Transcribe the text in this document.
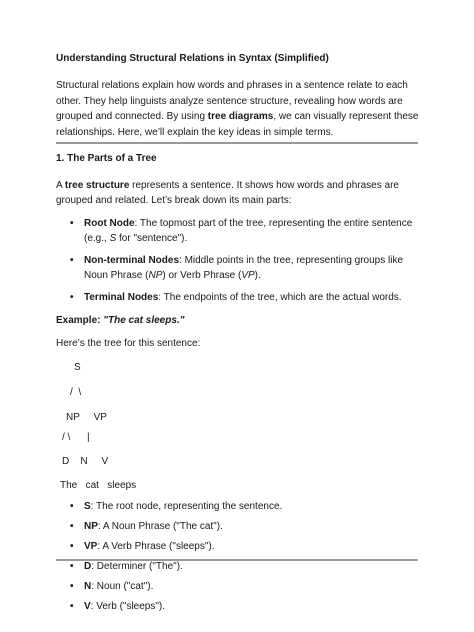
Understanding Structural Relations in Syntax (Simplified)

Structural relations explain how words and phrases in a sentence relate to each other. They help linguists analyze sentence structure, revealing how words are grouped and connected. By using tree diagrams, we can visually represent these relationships. Here, we’ll explain the key ideas in simple terms.

1. The Parts of a Tree

A tree structure represents a sentence. It shows how words and phrases are grouped and related. Let’s break down its main parts:

• Root Node: The topmost part of the tree, representing the entire sentence (e.g., S for "sentence").
• Non-terminal Nodes: Middle points in the tree, representing groups like Noun Phrase (NP) or Verb Phrase (VP).
• Terminal Nodes: The endpoints of the tree, which are the actual words.

Example: "The cat sleeps."

Here’s the tree for this sentence:

S
/  \
NP     VP
/ \      |
D    N     V
The   cat   sleeps
• S: The root node, representing the sentence.
• NP: A Noun Phrase ("The cat").
• VP: A Verb Phrase ("sleeps").
• D: Determiner ("The").
• N: Noun ("cat").
• V: Verb ("sleeps").
